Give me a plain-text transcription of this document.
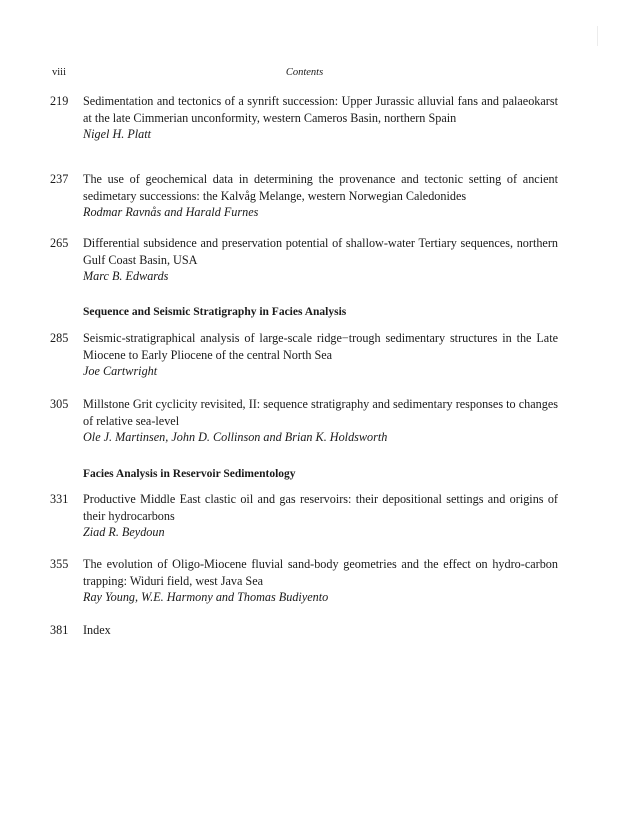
viii	Contents
219	Sedimentation and tectonics of a synrift succession: Upper Jurassic alluvial fans and palaeokarst at the late Cimmerian unconformity, western Cameros Basin, northern Spain
Nigel H. Platt
237	The use of geochemical data in determining the provenance and tectonic setting of ancient sedimetary successions: the Kalvåg Melange, western Norwegian Caledonides
Rodmar Ravnås and Harald Furnes
265	Differential subsidence and preservation potential of shallow-water Tertiary sequences, northern Gulf Coast Basin, USA
Marc B. Edwards
Sequence and Seismic Stratigraphy in Facies Analysis
285	Seismic-stratigraphical analysis of large-scale ridge−trough sedimentary structures in the Late Miocene to Early Pliocene of the central North Sea
Joe Cartwright
305	Millstone Grit cyclicity revisited, II: sequence stratigraphy and sedimentary responses to changes of relative sea-level
Ole J. Martinsen, John D. Collinson and Brian K. Holdsworth
Facies Analysis in Reservoir Sedimentology
331	Productive Middle East clastic oil and gas reservoirs: their depositional settings and origins of their hydrocarbons
Ziad R. Beydoun
355	The evolution of Oligo-Miocene fluvial sand-body geometries and the effect on hydro-carbon trapping: Widuri field, west Java Sea
Ray Young, W.E. Harmony and Thomas Budiyento
381	Index
